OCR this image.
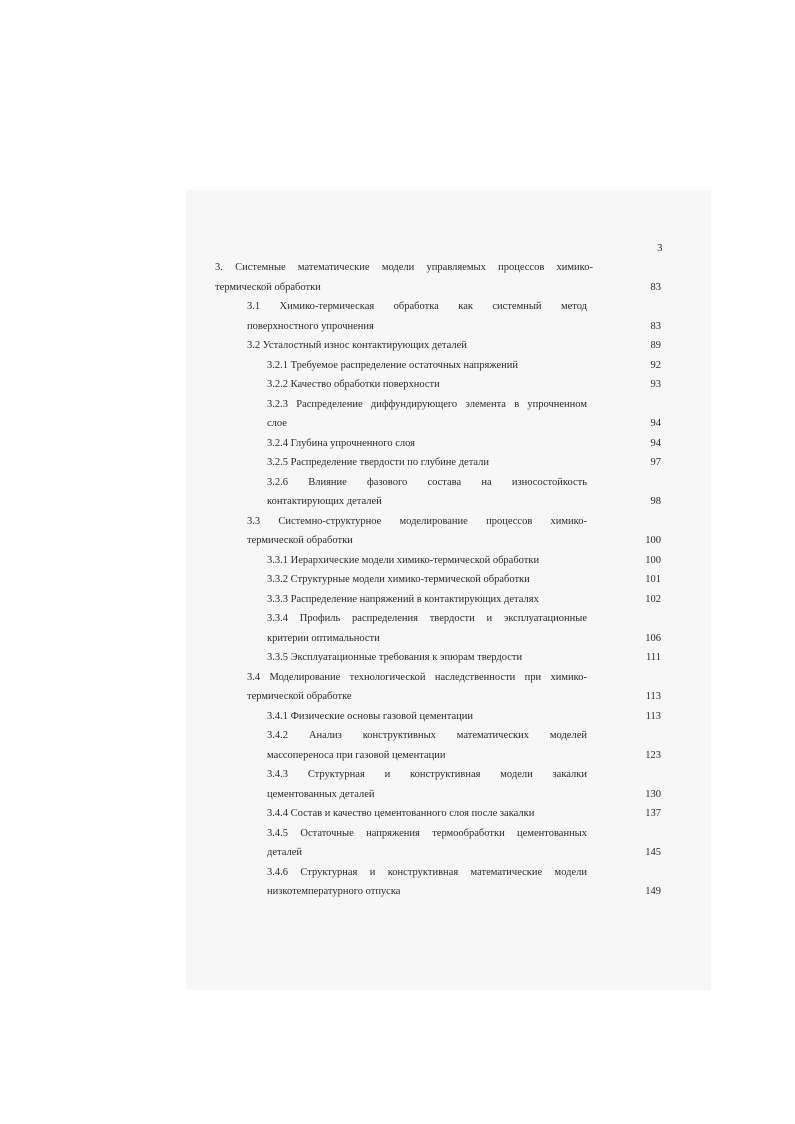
3
3. Системные математические модели управляемых процессов химико-
термической обработки	83
3.1 Химико-термическая обработка как системный метод
поверхностного упрочнения	83
3.2 Усталостный износ контактирующих деталей	89
3.2.1 Требуемое распределение остаточных напряжений	92
3.2.2 Качество обработки поверхности	93
3.2.3 Распределение диффундирующего элемента в упрочненном
слое	94
3.2.4 Глубина упрочненного слоя	94
3.2.5 Распределение твердости по глубине детали	97
3.2.6 Влияние фазового состава на износостойкость
контактирующих деталей	98
3.3 Системно-структурное моделирование процессов химико-
термической обработки	100
3.3.1 Иерархические модели химико-термической обработки	100
3.3.2 Структурные модели химико-термической обработки	101
3.3.3 Распределение напряжений в контактирующих деталях	102
3.3.4 Профиль распределения твердости и эксплуатационные
критерии оптимальности	106
3.3.5 Эксплуатационные требования к эпюрам твердости	111
3.4 Моделирование технологической наследственности при химико-
термической обработке	113
3.4.1 Физические основы газовой цементации	113
3.4.2 Анализ конструктивных математических моделей
массопереноса при газовой цементации	123
3.4.3 Структурная и конструктивная модели закалки
цементованных деталей	130
3.4.4 Состав и качество цементованного слоя после закалки	137
3.4.5 Остаточные напряжения термообработки цементованных
деталей	145
3.4.6 Структурная и конструктивная математические модели
низкотемпературного отпуска	149
